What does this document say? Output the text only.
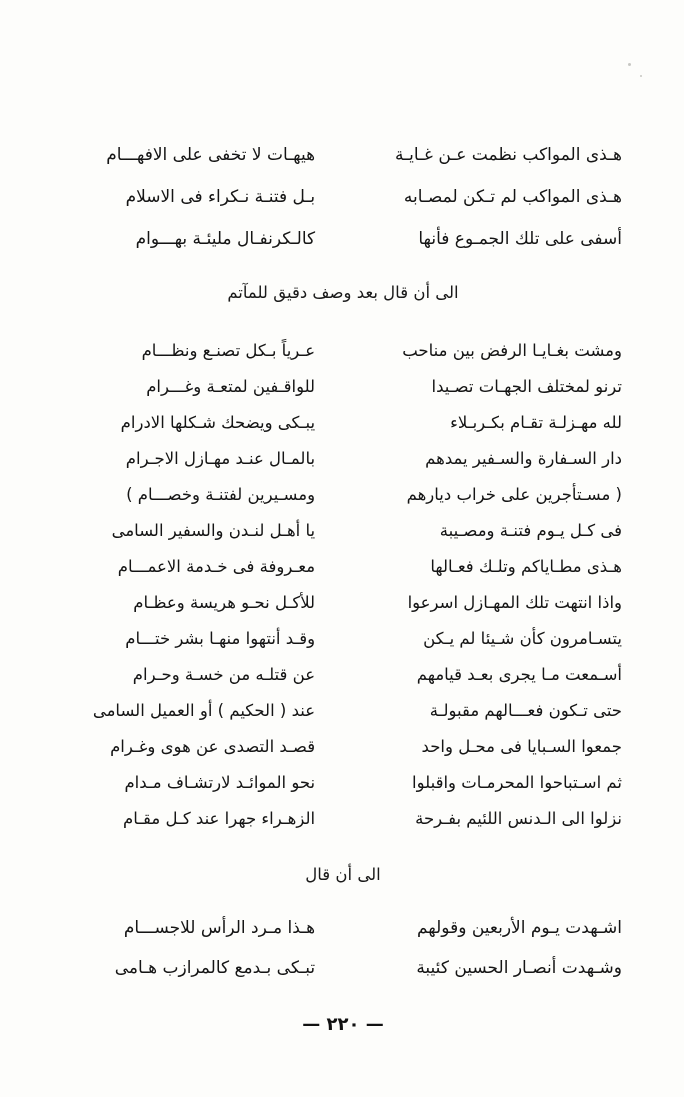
هـذى المواكب نظمت عـن غـايـة
هيهـات لا تخفى على الافهـــام
هـذى المواكب لم تـكن لمصـابه
بـل فتنـة نـكراء فى الاسلام
أسفى على تلك الجمـوع فأنها
كالـكرنفـال مليئـة بهـــوام
الى أن قال بعد وصف دقيق للمآتم
ومشت بغـايـا الرفض بين مناحب
عـرياً بـكل تصنـع ونظـــام
ترنو لمختلف الجهـات تصـيدا
للواقـفين لمتعـة وغـــرام
لله مهـزلـة تقـام بكـربـلاء
يبـكى ويضحك شـكلها الادرام
دار السـفارة والسـفير يمدهم
بالمـال عنـد مهـازل الاجـرام
( مسـتأجرين على خراب ديارهم
ومسـيرين لفتنـة وخصـــام )
فى كـل يـوم فتنـة ومصـيبة
يا أهـل لنـدن والسفير السامى
هـذى مطـاياكم وتلـك فعـالها
معـروفة فى خـدمة الاعمـــام
واذا انتهت تلك المهـازل اسرعوا
للأكـل نحـو هريسة وعظـام
يتسـامرون كأن شـيئا لم يـكن
وقـد أنتهوا منهـا بشر ختـــام
أسـمعت مـا يجرى بعـد قيامهم
عن قتلـه من خسـة وحـرام
حتى تـكون فعـــالهم مقبولـة
عند ( الحكيم ) أو العميل السامى
جمعوا السـبايا فى محـل واحد
قصـد التصدى عن هوى وغـرام
ثم اسـتباحوا المحرمـات واقبلوا
نحو الموائـد لارتشـاف مـدام
نزلوا الى الـدنس اللئيم بفـرحة
الزهـراء جهرا عند كـل مقـام
الى أن قال
اشـهدت يـوم الأربعين وقولهم
هـذا مـرد الرأس للاجســـام
وشـهدت أنصـار الحسين كئيبة
تبـكى بـدمع كالمرازب هـامى
— ٢٢٠ —
